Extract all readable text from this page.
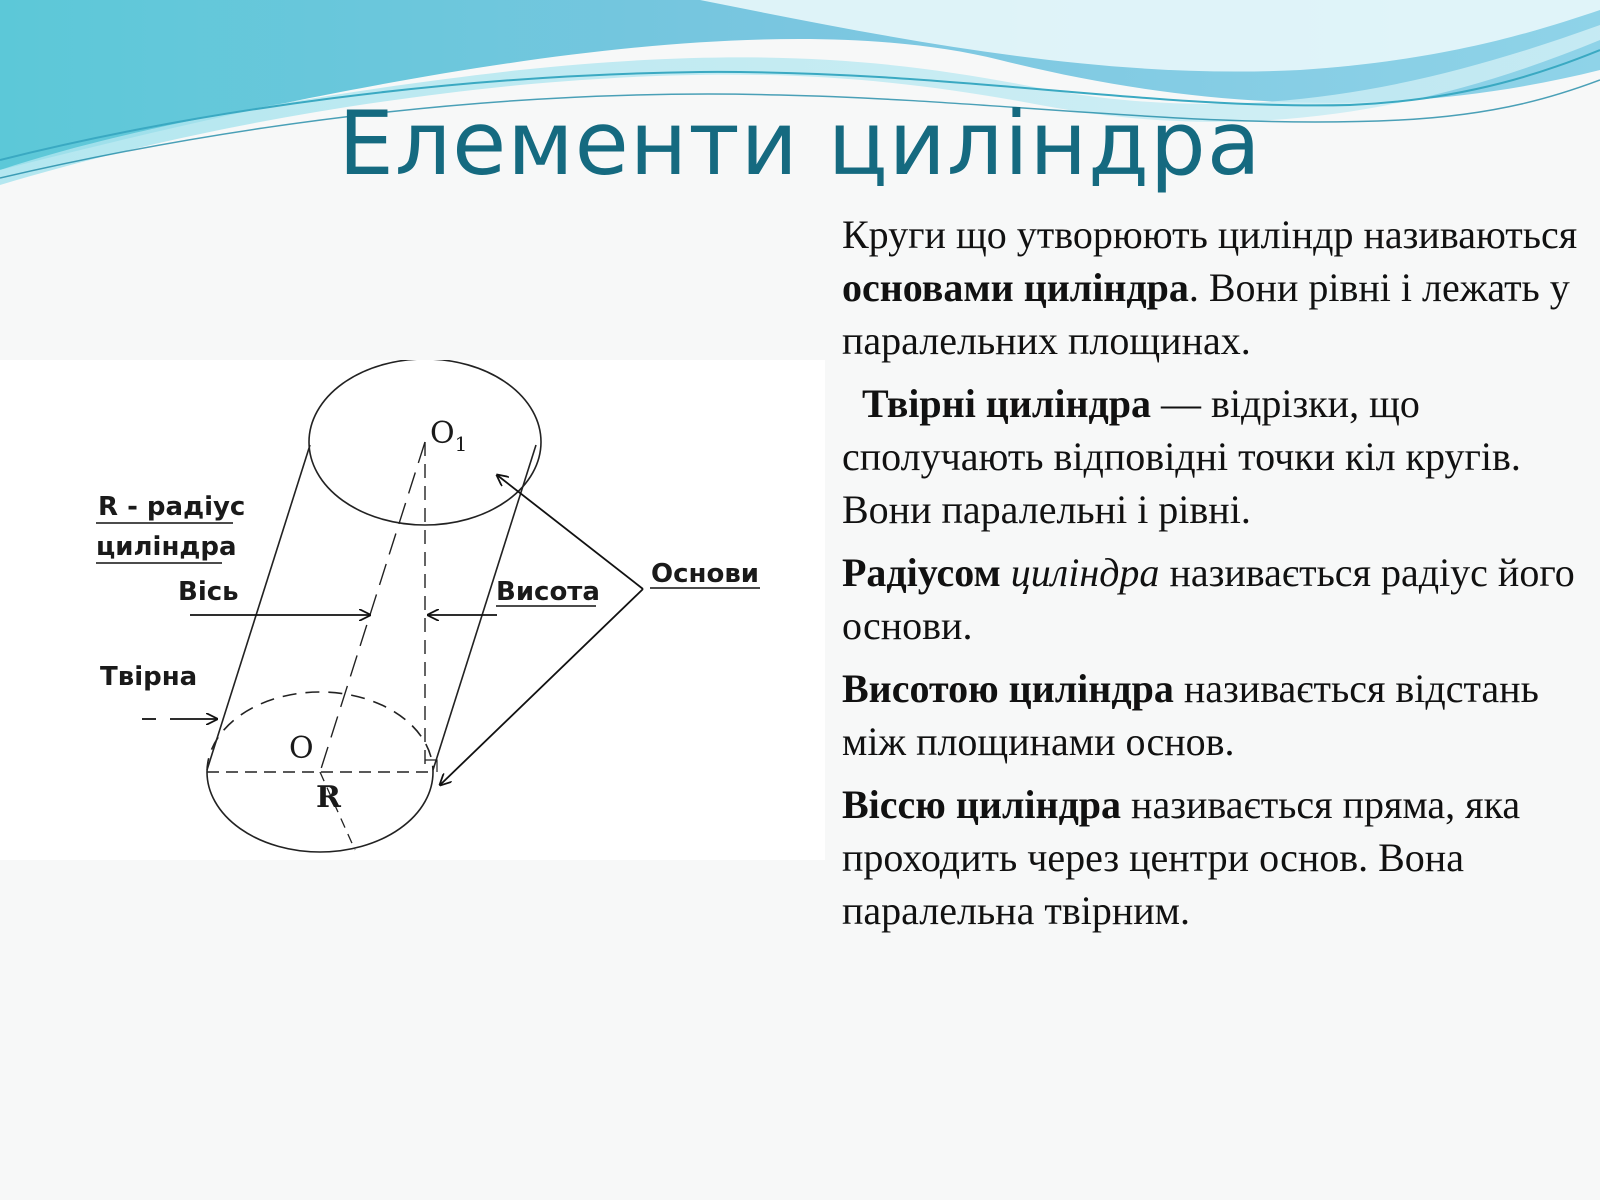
Елементи циліндра
R - радіус
циліндра
Вісь	Висота
Твірна
Основи
$O_1$
O
R

Круги що утворюють циліндр називаються основами циліндра. Вони рівні і лежать у паралельних площинах.

Твірні циліндра — відрізки, що сполучають відповідні точки кіл кругів. Вони паралельні і рівні.

Радіусом циліндра називається радіус його основи.

Висотою циліндра називається відстань між площинами основ.

Віссю циліндра називається пряма, яка проходить через центри основ. Вона паралельна твірним.
